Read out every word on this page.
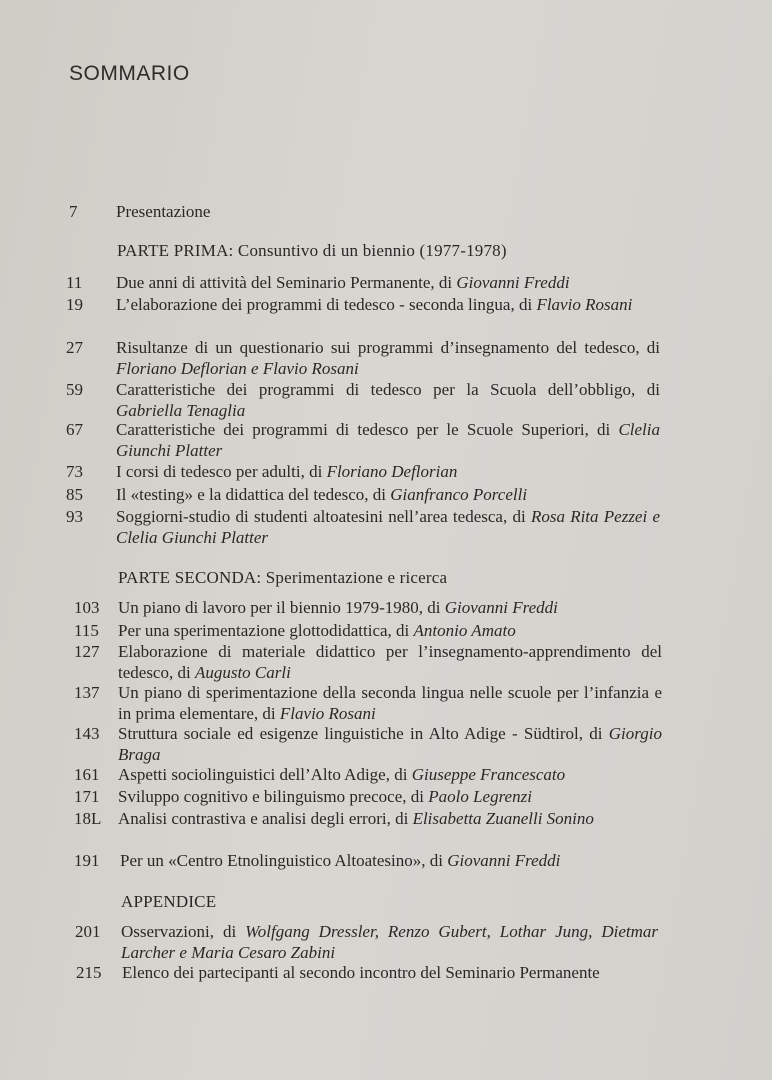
SOMMARIO
7	Presentazione
PARTE PRIMA: Consuntivo di un biennio (1977-1978)
11	Due anni di attività del Seminario Permanente, di Giovanni Freddi
19	L’elaborazione dei programmi di tedesco - seconda lingua, di Flavio Rosani
27	Risultanze di un questionario sui programmi d’insegnamento del tedesco, di Floriano Deflorian e Flavio Rosani
59	Caratteristiche dei programmi di tedesco per la Scuola dell’obbligo, di Gabriella Tenaglia
67	Caratteristiche dei programmi di tedesco per le Scuole Superiori, di Clelia Giunchi Platter
73	I corsi di tedesco per adulti, di Floriano Deflorian
85	Il «testing» e la didattica del tedesco, di Gianfranco Porcelli
93	Soggiorni-studio di studenti altoatesini nell’area tedesca, di Rosa Rita Pezzei e Clelia Giunchi Platter
PARTE SECONDA: Sperimentazione e ricerca
103	Un piano di lavoro per il biennio 1979-1980, di Giovanni Freddi
115	Per una sperimentazione glottodidattica, di Antonio Amato
127	Elaborazione di materiale didattico per l’insegnamento-apprendimento del tedesco, di Augusto Carli
137	Un piano di sperimentazione della seconda lingua nelle scuole per l’infanzia e in prima elementare, di Flavio Rosani
143	Struttura sociale ed esigenze linguistiche in Alto Adige - Südtirol, di Giorgio Braga
161	Aspetti sociolinguistici dell’Alto Adige, di Giuseppe Francescato
171	Sviluppo cognitivo e bilinguismo precoce, di Paolo Legrenzi
18L Analisi contrastiva e analisi degli errori, di Elisabetta Zuanelli Sonino
191	Per un «Centro Etnolinguistico Altoatesino», di Giovanni Freddi
APPENDICE
201	Osservazioni, di Wolfgang Dressler, Renzo Gubert, Lothar Jung, Dietmar Larcher e Maria Cesaro Zabini
215	Elenco dei partecipanti al secondo incontro del Seminario Permanente
